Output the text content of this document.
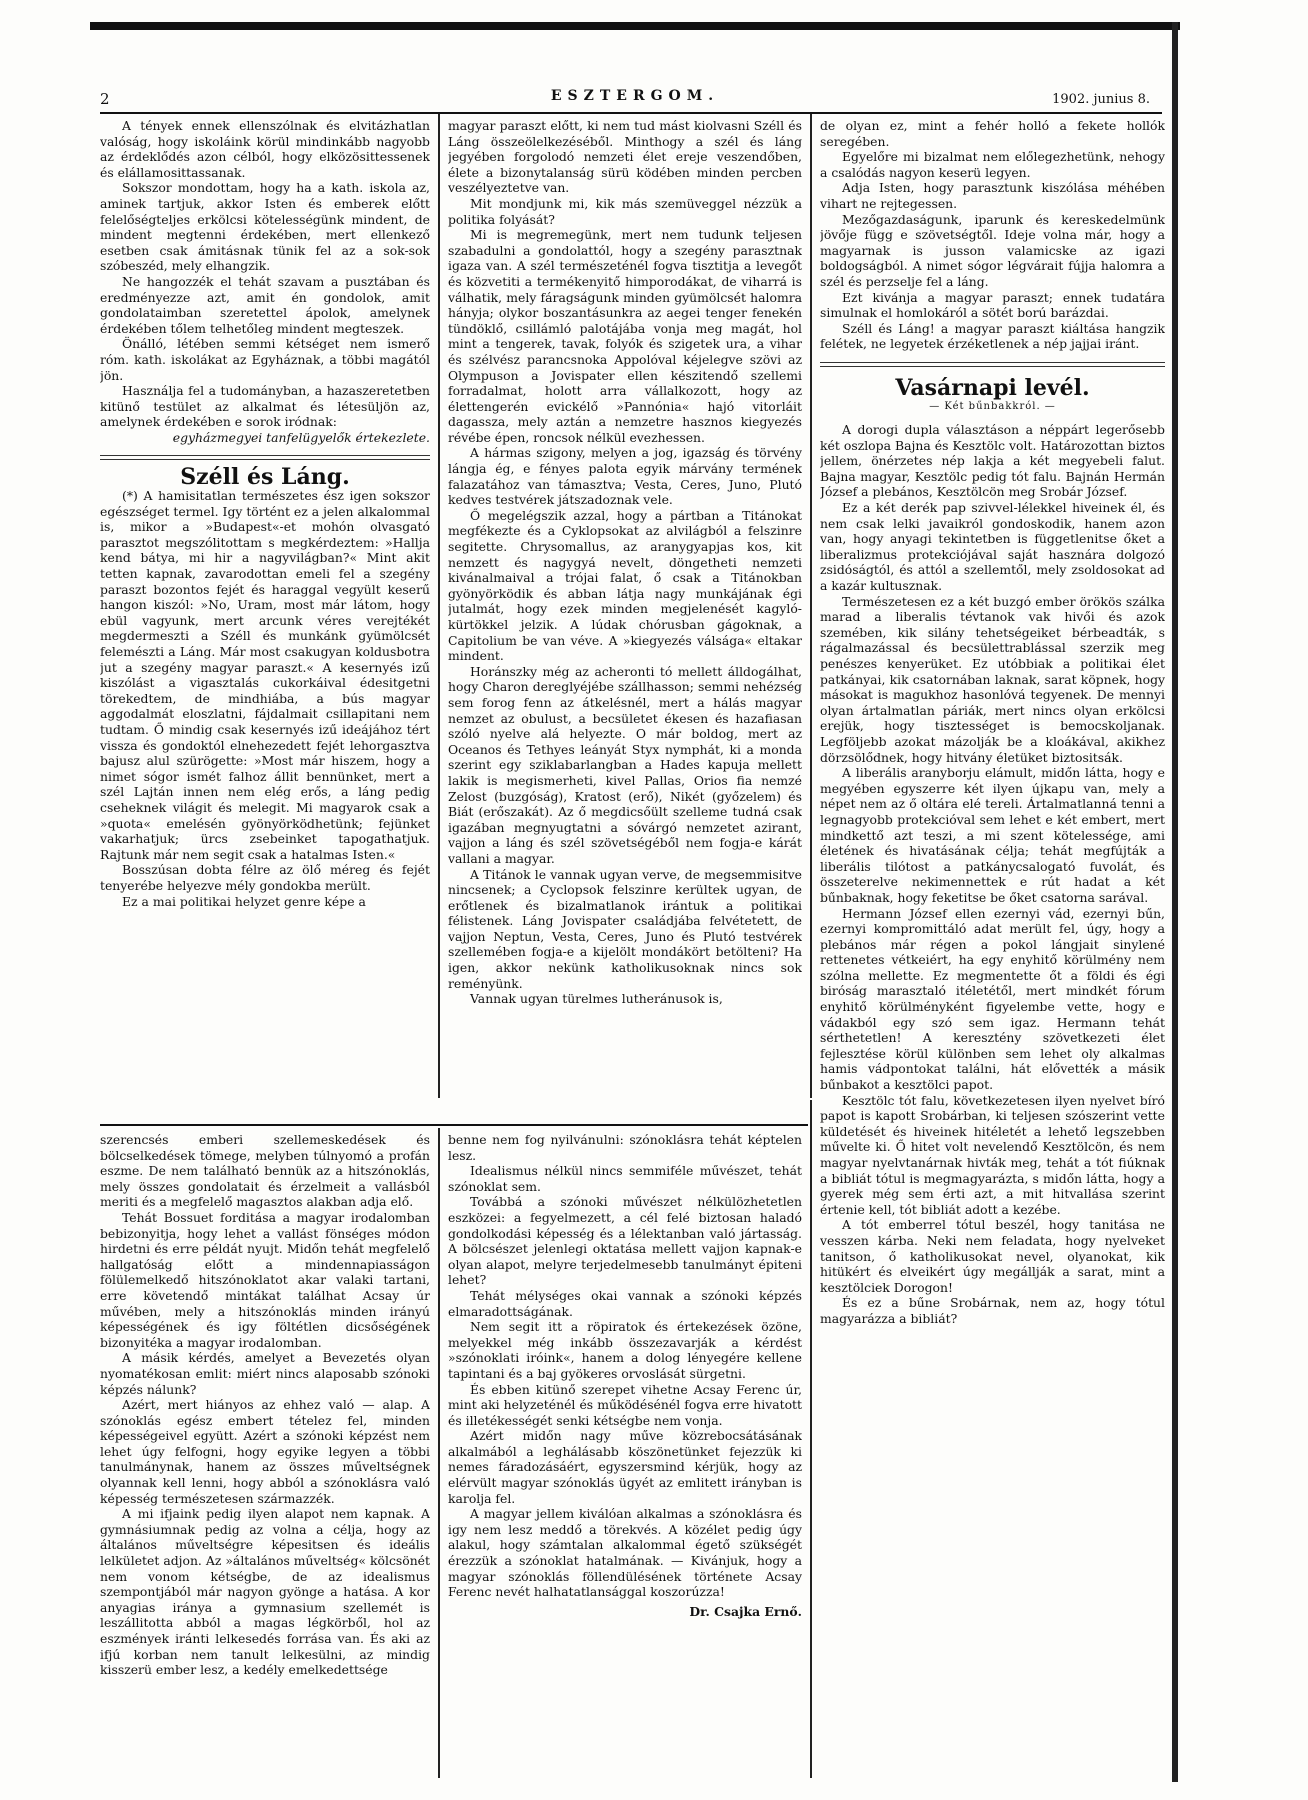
2	ESZTERGOM.	1902. junius 8.

A tények ennek ellenszólnak és elvitázhatlan valóság, hogy iskoláink körül mindinkább nagyobb az érdeklődés azon célból, hogy elközösittessenek és elállamosittassanak.

Sokszor mondottam, hogy ha a kath. iskola az, aminek tartjuk, akkor Isten és emberek előtt felelőségteljes erkölcsi kötelességünk mindent, de mindent megtenni érdekében, mert ellenkező esetben csak ámitásnak tünik fel az a sok-sok szóbeszéd, mely elhangzik.

Ne hangozzék el tehát szavam a pusztában és eredményezze azt, amit én gondolok, amit gondolataimban szeretettel ápolok, amelynek érdekében tőlem telhetőleg mindent megteszek.

Önálló, létében semmi kétséget nem ismerő róm. kath. iskolákat az Egyháznak, a többi magától jön.

Használja fel a tudományban, a hazaszeretetben kitünő testület az alkalmat és létesüljön az, amelynek érdekében e sorok iródnak:

egyházmegyei tanfelügyelők értekezlete.

Széll és Láng.

(*) A hamisitatlan természetes ész igen sokszor egészséget termel. Igy történt ez a jelen alkalommal is, mikor a »Budapest«-et mohón olvasgató parasztot megszólitottam s megkérdeztem: »Hallja kend bátya, mi hir a nagyvilágban?« Mint akit tetten kapnak, zavarodottan emeli fel a szegény paraszt bozontos fejét és haraggal vegyült keserű hangon kiszól: »No, Uram, most már látom, hogy ebül vagyunk, mert arcunk véres verejtékét megdermeszti a Széll és munkánk gyümölcsét felemészti a Láng. Már most csakugyan koldusbotra jut a szegény magyar paraszt.« A kesernyés izű kiszólást a vigasztalás cukorkáival édesitgetni törekedtem, de mindhiába, a bús magyar aggodalmát eloszlatni, fájdalmait csillapitani nem tudtam. Ő mindig csak kesernyés izű ideájához tért vissza és gondoktól elnehezedett fejét lehorgasztva bajusz alul szürögette: »Most már hiszem, hogy a nimet sógor ismét falhoz állit bennünket, mert a szél Lajtán innen nem elég erős, a láng pedig cseheknek világit és melegit. Mi magyarok csak a »quota« emelésén gyönyörködhetünk; fejünket vakarhatjuk; ürcs zsebeinket tapogathatjuk. Rajtunk már nem segit csak a hatalmas Isten.«

Bosszúsan dobta félre az ölő méreg és fejét tenyerébe helyezve mély gondokba merült.

Ez a mai politikai helyzet genre képe a

magyar paraszt előtt, ki nem tud mást kiolvasni Széll és Láng összeölelkezéséből. Minthogy a szél és láng jegyében forgolodó nemzeti élet ereje veszendőben, élete a bizonytalanság sürü ködében minden percben veszélyeztetve van.

Mit mondjunk mi, kik más szemüveggel nézzük a politika folyását?

Mi is megremegünk, mert nem tudunk teljesen szabadulni a gondolattól, hogy a szegény parasztnak igaza van. A szél természeténél fogva tisztitja a levegőt és közvetiti a termékenyitő himporodákat, de viharrá is válhatik, mely fáragságunk minden gyümölcsét halomra hányja; olykor boszantásunkra az aegei tenger fenekén tündöklő, csillámló palotájába vonja meg magát, hol mint a tengerek, tavak, folyók és szigetek ura, a vihar és szélvész parancsnoka Appolóval kéjelegve szövi az Olympuson a Jovispater ellen készitendő szellemi forradalmat, holott arra vállalkozott, hogy az élettengerén evickélő »Pannónia« hajó vitorláit dagassza, mely aztán a nemzetre hasznos kiegyezés révébe épen, roncsok nélkül evezhessen.

A hármas szigony, melyen a jog, igazság és törvény lángja ég, e fényes palota egyik márvány termének falazatához van támasztva; Vesta, Ceres, Juno, Plutó kedves testvérek játszadoznak vele.

Ő megelégszik azzal, hogy a pártban a Titánokat megfékezte és a Cyklopsokat az alvilágból a felszinre segitette. Chrysomallus, az aranygyapjas kos, kit nemzett és nagygyá nevelt, döngetheti nemzeti kivánalmaival a trójai falat, ő csak a Titánokban gyönyörködik és abban látja nagy munkájának égi jutalmát, hogy ezek minden megjelenését kagyló-kürtökkel jelzik. A lúdak chórusban gágoknak, a Capitolium be van véve. A »kiegyezés válsága« eltakar mindent.

Horánszky még az acheronti tó mellett álldogálhat, hogy Charon dereglyéjébe szállhasson; semmi nehézség sem forog fenn az átkelésnél, mert a hálás magyar nemzet az obulust, a becsületet ékesen és hazafiasan szóló nyelve alá helyezte. O már boldog, mert az Oceanos és Tethyes leányát Styx nymphát, ki a monda szerint egy sziklabarlangban a Hades kapuja mellett lakik is megismerheti, kivel Pallas, Orios fia nemzé Zelost (buzgóság), Kratost (erő), Nikét (győzelem) és Biát (erőszakát). Az ő megdicsőült szelleme tudná csak igazában megnyugtatni a sóvárgó nemzetet azirant, vajjon a láng és szél szövetségéből nem fogja-e kárát vallani a magyar.

A Titánok le vannak ugyan verve, de megsemmisitve nincsenek; a Cyclopsok felszinre kerültek ugyan, de erőtlenek és bizalmatlanok irántuk a politikai félistenek. Láng Jovispater családjába felvétetett, de vajjon Neptun, Vesta, Ceres, Juno és Plutó testvérek szellemében fogja-e a kijelölt mondákört betölteni? Ha igen, akkor nekünk katholikusoknak nincs sok reményünk.

Vannak ugyan türelmes lutheránusok is,

de olyan ez, mint a fehér holló a fekete hollók seregében.

Egyelőre mi bizalmat nem előlegezhetünk, nehogy a csalódás nagyon keserü legyen.

Adja Isten, hogy parasztunk kiszólása méhében vihart ne rejtegessen.

Mezőgazdaságunk, iparunk és kereskedelmünk jövője függ e szövetségtől. Ideje volna már, hogy a magyarnak is jusson valamicske az igazi boldogságból. A nimet sógor légvárait fújja halomra a szél és perzselje fel a láng.

Ezt kivánja a magyar paraszt; ennek tudatára simulnak el homlokáról a sötét ború barázdai.

Széll és Láng! a magyar paraszt kiáltása hangzik felétek, ne legyetek érzéketlenek a nép jajjai iránt.

Vasárnapi levél.
— Két bűnbakkról. —

A dorogi dupla választáson a néppárt legerősebb két oszlopa Bajna és Kesztölc volt. Határozottan biztos jellem, önérzetes nép lakja a két megyebeli falut. Bajna magyar, Kesztölc pedig tót falu. Bajnán Hermán József a plebános, Kesztölcön meg Srobár József.

Ez a két derék pap szivvel-lélekkel hiveinek él, és nem csak lelki javaikról gondoskodik, hanem azon van, hogy anyagi tekintetben is függetlenitse őket a liberalizmus protekciójával saját hasznára dolgozó zsidóságtól, és attól a szellemtől, mely zsoldosokat ad a kazár kultusznak.

Természetesen ez a két buzgó ember örökös szálka marad a liberalis tévtanok vak hivői és azok szemében, kik silány tehetségeiket bérbeadták, s rágalmazással és becsülettrablással szerzik meg penészes kenyerüket. Ez utóbbiak a politikai élet patkányai, kik csatornában laknak, sarat köpnek, hogy másokat is magukhoz hasonlóvá tegyenek. De mennyi olyan ártalmatlan páriák, mert nincs olyan erkölcsi erejük, hogy tisztességet is bemocskoljanak. Legföljebb azokat mázolják be a kloákával, akikhez dörzsölődnek, hogy hitvány életüket biztositsák.

A liberális aranyborju elámult, midőn látta, hogy e megyében egyszerre két ilyen újkapu van, mely a népet nem az ő oltára elé tereli. Ártalmatlanná tenni a legnagyobb protekcióval sem lehet e két embert, mert mindkettő azt teszi, a mi szent kötelessége, ami életének és hivatásának célja; tehát megfújták a liberális tilótost a patkánycsalogató fuvolát, és összeterelve nekimennettek e rút hadat a két bűnbaknak, hogy feketitse be őket csatorna sarával.

Hermann József ellen ezernyi vád, ezernyi bűn, ezernyi kompromittáló adat merült fel, úgy, hogy a plebános már régen a pokol lángjait sinylené rettenetes vétkeiért, ha egy enyhitő körülmény nem szólna mellette. Ez megmentette őt a földi és égi biróság marasztaló itéletétől, mert mindkét fórum enyhitő körülményként figyelembe vette, hogy e vádakból egy szó sem igaz. Hermann tehát sérthetetlen! A keresztény szövetkezeti élet fejlesztése körül különben sem lehet oly alkalmas hamis vádpontokat találni, hát elővették a másik bűnbakot a kesztölci papot.

Kesztölc tót falu, következetesen ilyen nyelvet bíró papot is kapott Srobárban, ki teljesen szószerint vette küldetését és hiveinek hitéletét a lehető legszebben művelte ki. Ő hitet volt nevelendő Kesztölcön, és nem magyar nyelvtanárnak hivták meg, tehát a tót fiúknak a bibliát tótul is megmagyarázta, s midőn látta, hogy a gyerek még sem érti azt, a mit hitvallása szerint értenie kell, tót bibliát adott a kezébe.

A tót emberrel tótul beszél, hogy tanitása ne vesszen kárba. Neki nem feladata, hogy nyelveket tanitson, ő katholikusokat nevel, olyanokat, kik hitükért és elveikért úgy megállják a sarat, mint a kesztölciek Dorogon!

És ez a bűne Srobárnak, nem az, hogy tótul magyarázza a bibliát?

szerencsés emberi szellemeskedések és bölcselkedések tömege, melyben túlnyomó a profán eszme. De nem található bennük az a hitszónoklás, mely összes gondolatait és érzelmeit a vallásból meriti és a megfelelő magasztos alakban adja elő.

Tehát Bossuet forditása a magyar irodalomban bebizonyitja, hogy lehet a vallást fönséges módon hirdetni és erre példát nyujt. Midőn tehát megfelelő hallgatóság előtt a mindennapiasságon fölülemelkedő hitszónoklatot akar valaki tartani, erre követendő mintákat találhat Acsay úr művében, mely a hitszónoklás minden irányú képességének és igy föltétlen dicsőségének bizonyitéka a magyar irodalomban.

A másik kérdés, amelyet a Bevezetés olyan nyomatékosan emlit: miért nincs alaposabb szónoki képzés nálunk?

Azért, mert hiányos az ehhez való — alap. A szónoklás egész embert tételez fel, minden képességeivel együtt. Azért a szónoki képzést nem lehet úgy felfogni, hogy egyike legyen a többi tanulmánynak, hanem az összes műveltségnek olyannak kell lenni, hogy abból a szónoklásra való képesség természetesen származzék.

A mi ifjaink pedig ilyen alapot nem kapnak. A gymnásiumnak pedig az volna a célja, hogy az általános műveltségre képesitsen és ideális lelkületet adjon. Az »általános műveltség« kölcsönét nem vonom kétségbe, de az idealismus szempontjából már nagyon gyönge a hatása. A kor anyagias iránya a gymnasium szellemét is leszállitotta abból a magas légkörből, hol az eszmények iránti lelkesedés forrása van. És aki az ifjú korban nem tanult lelkesülni, az mindig kisszerü ember lesz, a kedély emelkedettsége

benne nem fog nyilvánulni: szónoklásra tehát képtelen lesz.

Idealismus nélkül nincs semmiféle művészet, tehát szónoklat sem.

Továbbá a szónoki művészet nélkülözhetetlen eszközei: a fegyelmezett, a cél felé biztosan haladó gondolkodási képesség és a lélektanban való jártasság. A bölcsészet jelenlegi oktatása mellett vajjon kapnak-e olyan alapot, melyre terjedelmesebb tanulmányt épiteni lehet?

Tehát mélységes okai vannak a szónoki képzés elmaradottságának.

Nem segit itt a röpiratok és értekezések özöne, melyekkel még inkább összezavarják a kérdést »szónoklati iróink«, hanem a dolog lényegére kellene tapintani és a baj gyökeres orvoslását sürgetni.

És ebben kitünő szerepet vihetne Acsay Ferenc úr, mint aki helyzeténél és működésénél fogva erre hivatott és illetékességét senki kétségbe nem vonja.

Azért midőn nagy műve közrebocsátásának alkalmából a leghálásabb köszönetünket fejezzük ki nemes fáradozásáért, egyszersmind kérjük, hogy az elérvült magyar szónoklás ügyét az emlitett irányban is karolja fel.

A magyar jellem kiválóan alkalmas a szónoklásra és igy nem lesz meddő a törekvés. A közélet pedig úgy alakul, hogy számtalan alkalommal égető szükségét érezzük a szónoklat hatalmának. — Kivánjuk, hogy a magyar szónoklás föllendülésének története Acsay Ferenc nevét halhatatlansággal koszorúzza!

Dr. Csajka Ernő.
